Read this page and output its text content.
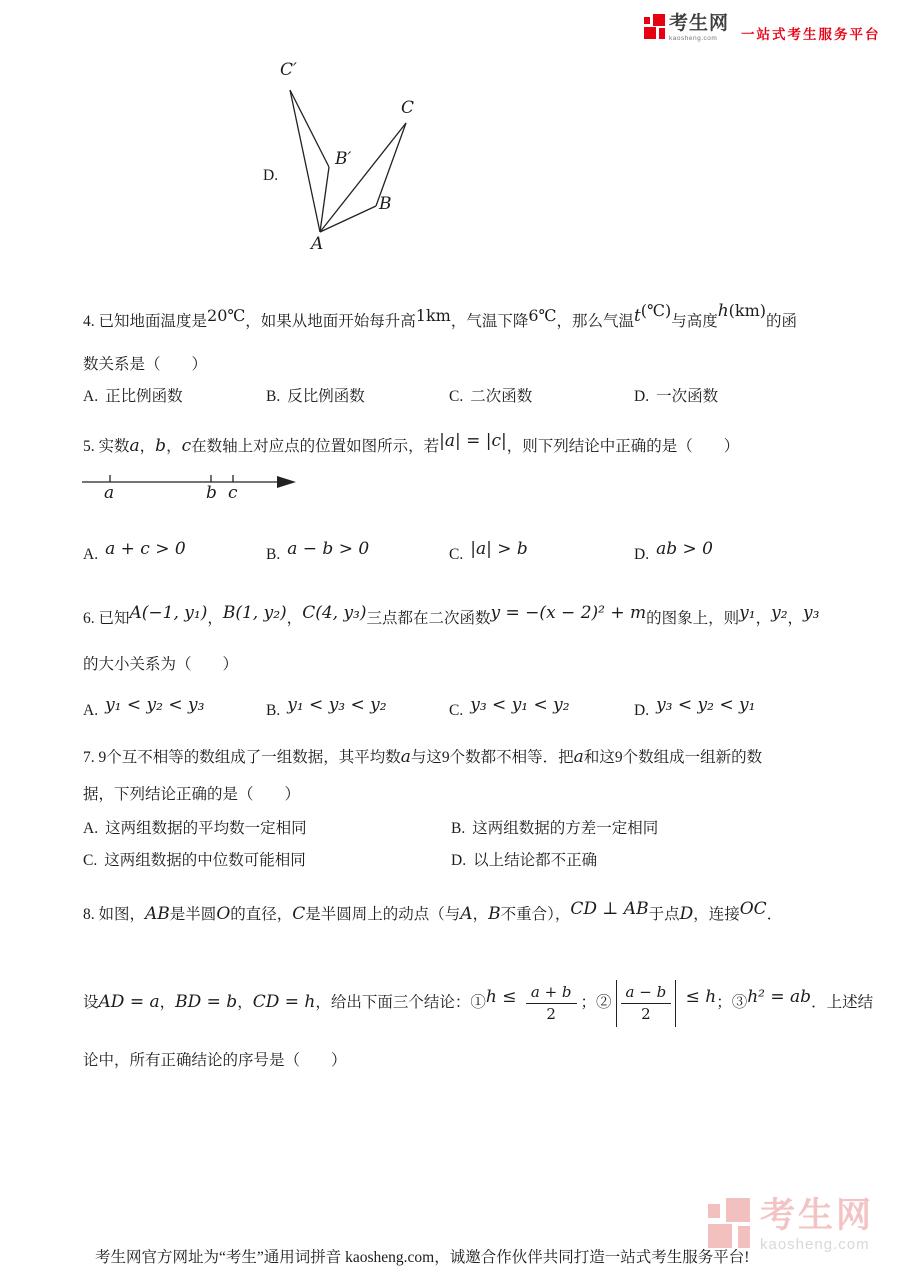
考生网
kaosheng.com	一站式考生服务平台
C′
C
B′
B
A
D.
4. 已知地面温度是20℃，如果从地面开始每升高1km，气温下降6℃，那么气温t(℃)与高度h(km)的函
数关系是（　　）
A. 正比例函数	B. 反比例函数	C. 二次函数	D. 一次函数
5. 实数a，b，c在数轴上对应点的位置如图所示，若|a| = |c|，则下列结论中正确的是（　　）
a	b c
A. a + c > 0	B. a − b > 0	C. |a| > b	D. ab > 0
6. 已知A(−1, y₁)，B(1, y₂)，C(4, y₃)三点都在二次函数y = −(x − 2)² + m的图象上，则y₁，y₂，y₃
的大小关系为（　　）
A. y₁ < y₂ < y₃	B. y₁ < y₃ < y₂	C. y₃ < y₁ < y₂	D. y₃ < y₂ < y₁
7. 9个互不相等的数组成了一组数据，其平均数a与这9个数都不相等．把a和这9个数组成一组新的数
据，下列结论正确的是（　　）
A. 这两组数据的平均数一定相同	B. 这两组数据的方差一定相同
C. 这两组数据的中位数可能相同	D. 以上结论都不正确
8. 如图，AB是半圆O的直径，C是半圆周上的动点（与A，B不重合），CD ⊥ AB于点D，连接OC．
设AD = a，BD = b，CD = h，给出下面三个结论：①h ≤ $\frac{a + b}{2}$ ；② $\frac{a - b}{2} \le h$；③h² = ab．上述结
论中，所有正确结论的序号是（　　）
考生网
kaosheng.com
考生网官方网址为“考生”通用词拼音 kaosheng.com，诚邀合作伙伴共同打造一站式考生服务平台!
